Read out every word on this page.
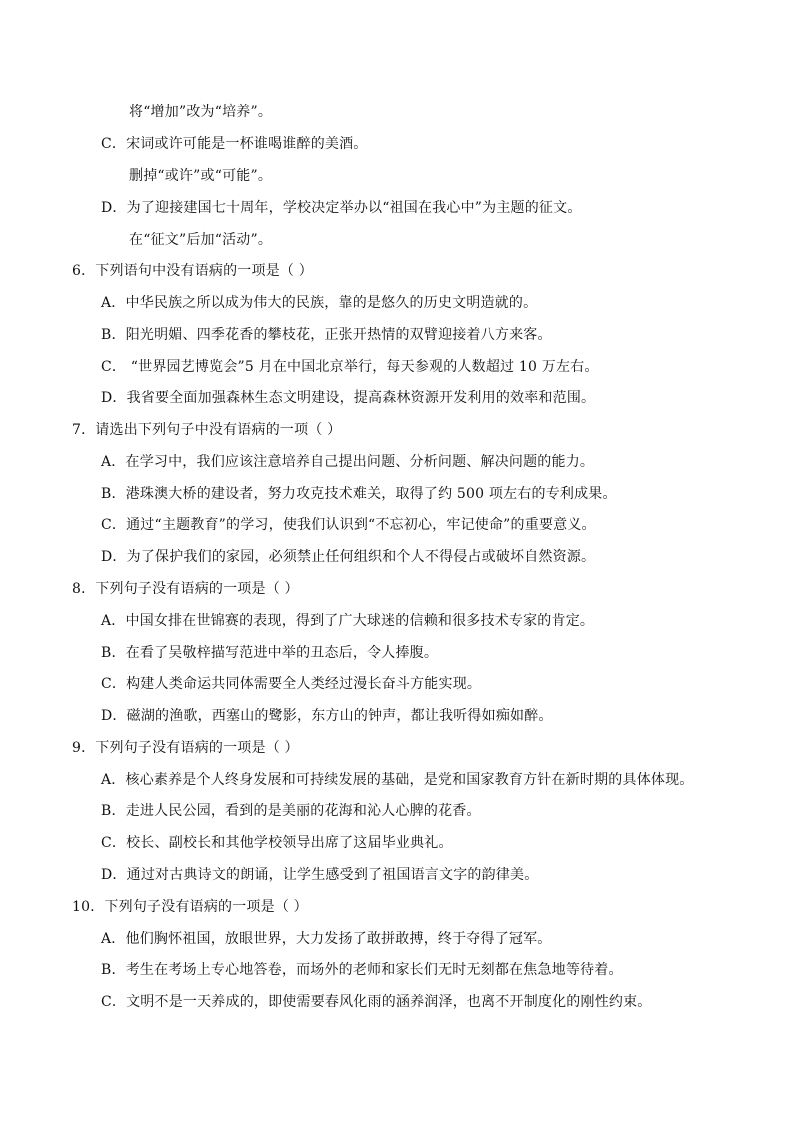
将“增加”改为“培养”。
C．宋词或许可能是一杯谁喝谁醉的美酒。
删掉“或许”或“可能”。
D．为了迎接建国七十周年，学校决定举办以“祖国在我心中”为主题的征文。
在“征文”后加“活动”。
6．下列语句中没有语病的一项是（ ）
A．中华民族之所以成为伟大的民族，靠的是悠久的历史文明造就的。
B．阳光明媚、四季花香的攀枝花，正张开热情的双臂迎接着八方来客。
C． “世界园艺博览会”5 月在中国北京举行，每天参观的人数超过 10 万左右。
D．我省要全面加强森林生态文明建设，提高森林资源开发利用的效率和范围。
7．请选出下列句子中没有语病的一项（ ）
A．在学习中，我们应该注意培养自己提出问题、分析问题、解决问题的能力。
B．港珠澳大桥的建设者，努力攻克技术难关，取得了约 500 项左右的专利成果。
C．通过“主题教育”的学习，使我们认识到“不忘初心，牢记使命”的重要意义。
D．为了保护我们的家园，必须禁止任何组织和个人不得侵占或破坏自然资源。
8．下列句子没有语病的一项是（ ）
A．中国女排在世锦赛的表现，得到了广大球迷的信赖和很多技术专家的肯定。
B．在看了吴敬梓描写范进中举的丑态后，令人捧腹。
C．构建人类命运共同体需要全人类经过漫长奋斗方能实现。
D．磁湖的渔歌，西塞山的鹭影，东方山的钟声，都让我听得如痴如醉。
9．下列句子没有语病的一项是（ ）
A．核心素养是个人终身发展和可持续发展的基础，是党和国家教育方针在新时期的具体体现。
B．走进人民公园，看到的是美丽的花海和沁人心脾的花香。
C．校长、副校长和其他学校领导出席了这届毕业典礼。
D．通过对古典诗文的朗诵，让学生感受到了祖国语言文字的韵律美。
10．下列句子没有语病的一项是（ ）
A．他们胸怀祖国，放眼世界，大力发扬了敢拼敢搏，终于夺得了冠军。
B．考生在考场上专心地答卷，而场外的老师和家长们无时无刻都在焦急地等待着。
C．文明不是一天养成的，即使需要春风化雨的涵养润泽，也离不开制度化的刚性约束。
